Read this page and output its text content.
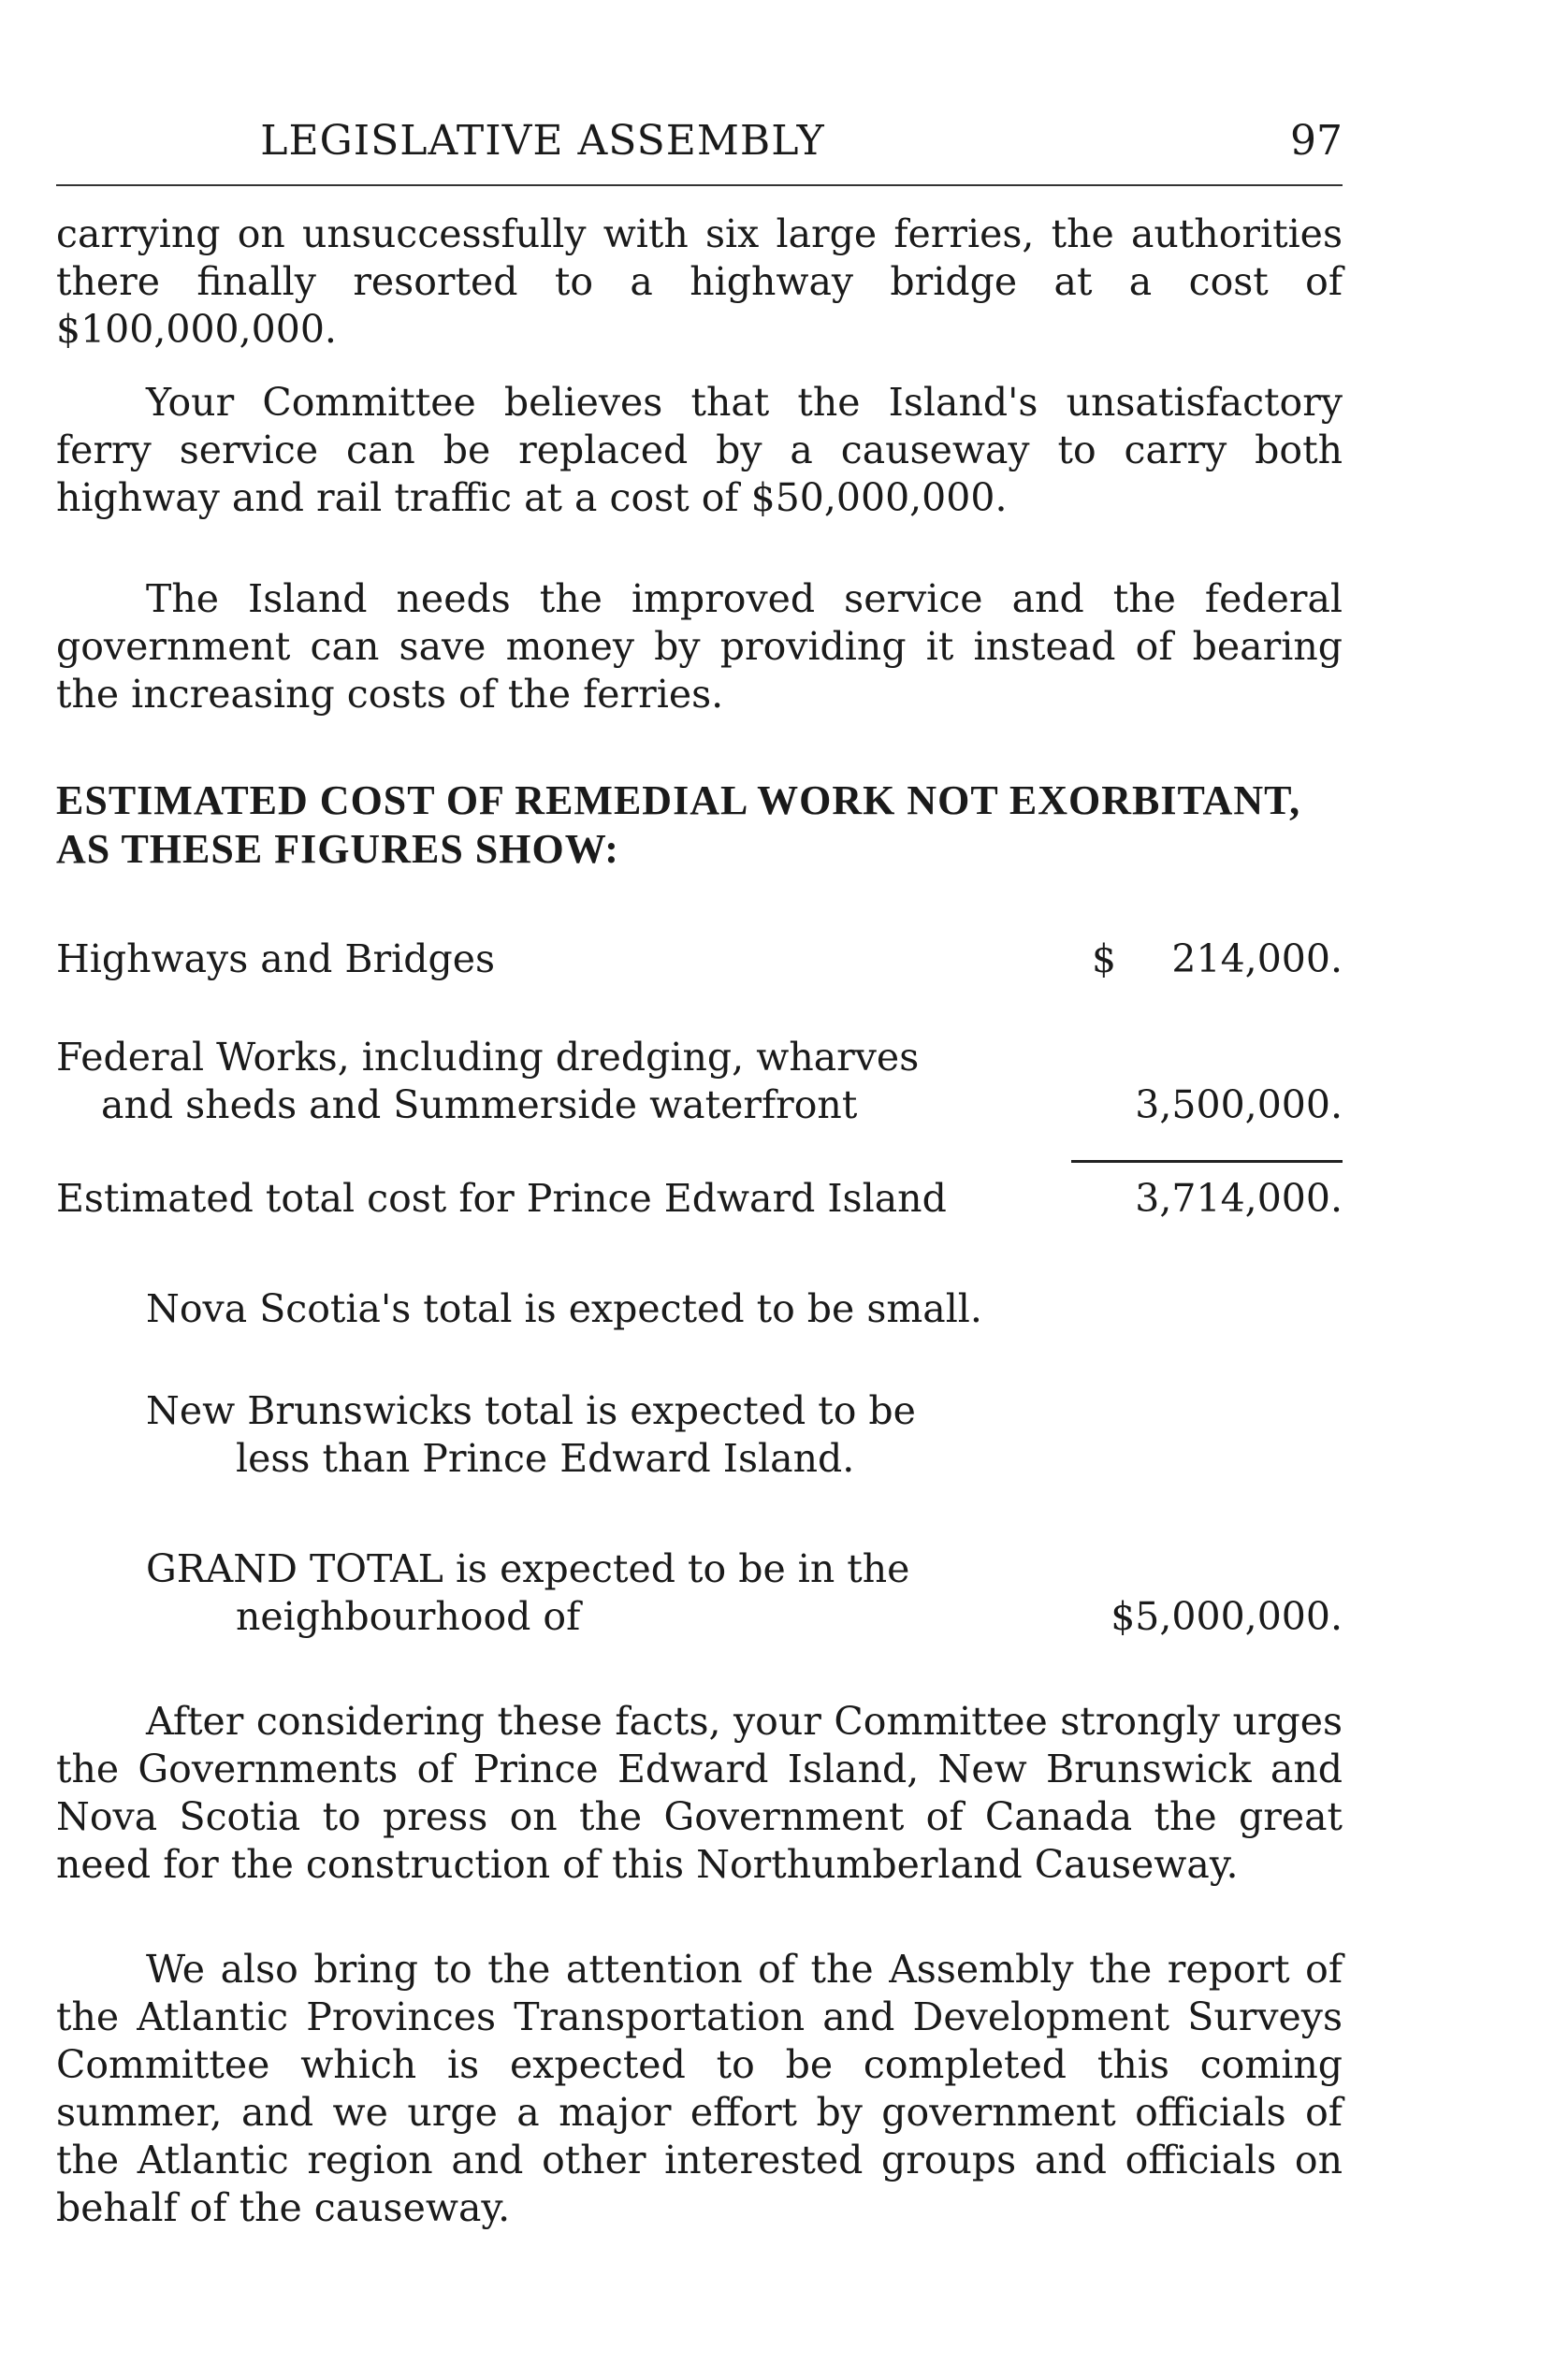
LEGISLATIVE ASSEMBLY	97

carrying on unsuccessfully with six large ferries, the authorities there finally resorted to a highway bridge at a cost of $100,000,000.

Your Committee believes that the Island's unsatisfactory ferry service can be replaced by a causeway to carry both highway and rail traffic at a cost of $50,000,000.

The Island needs the improved service and the federal government can save money by providing it instead of bearing the increasing costs of the ferries.

ESTIMATED COST OF REMEDIAL WORK NOT EXORBITANT,
AS THESE FIGURES SHOW:
Highways and Bridges	$ 214,000.
Federal Works, including dredging, wharves
and sheds and Summerside waterfront	3,500,000.
Estimated total cost for Prince Edward Island	3,714,000.
Nova Scotia's total is expected to be small.
New Brunswicks total is expected to be
less than Prince Edward Island.
GRAND TOTAL is expected to be in the
neighbourhood of	$5,000,000.

After considering these facts, your Committee strongly urges the Governments of Prince Edward Island, New Brunswick and Nova Scotia to press on the Government of Canada the great need for the construction of this Northumberland Causeway.

We also bring to the attention of the Assembly the report of the Atlantic Provinces Transportation and Development Surveys Committee which is expected to be completed this coming summer, and we urge a major effort by government officials of the Atlantic region and other interested groups and officials on behalf of the causeway.
